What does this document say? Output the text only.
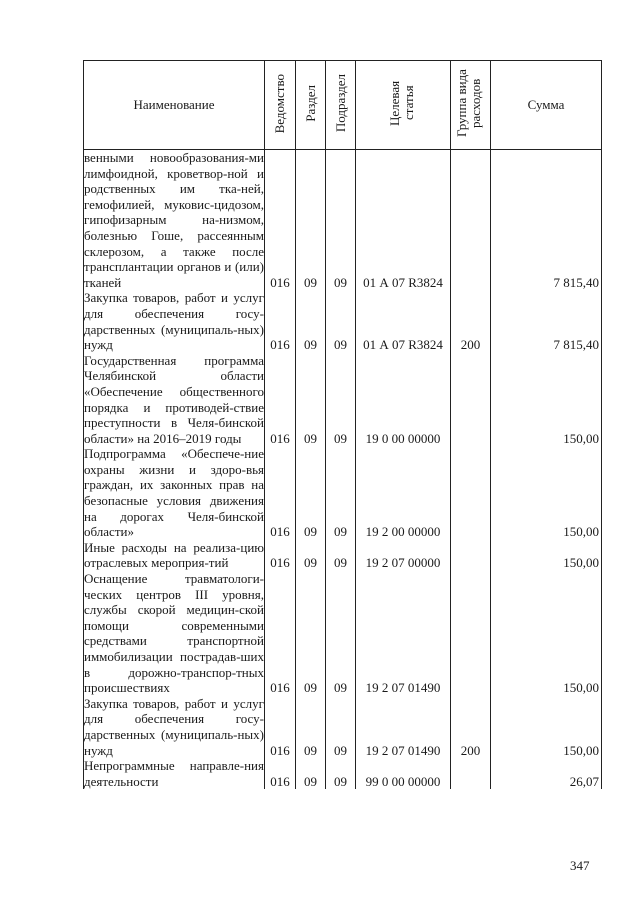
Наименование	Ведомство	Раздел	Подраздел	Целевая статья	Группа вида расходов	Сумма
венными новообразования-ми лимфоидной, кроветвор-ной и родственных им тка-ней, гемофилией, муковис-цидозом, гипофизарным на-низмом, болезнью Гоше, рассеянным склерозом, а также после трансплантации органов и (или) тканей	016	09	09	01 А 07 R3824		7 815,40
Закупка товаров, работ и услуг для обеспечения госу-дарственных (муниципаль-ных) нужд	016	09	09	01 А 07 R3824	200	7 815,40
Государственная программа Челябинской области «Обеспечение общественного порядка и противодей-ствие преступности в Челя-бинской области» на 2016–2019 годы	016	09	09	19 0 00 00000		150,00
Подпрограмма «Обеспече-ние охраны жизни и здоро-вья граждан, их законных прав на безопасные условия движения на дорогах Челя-бинской области»	016	09	09	19 2 00 00000		150,00
Иные расходы на реализа-цию отраслевых мероприя-тий	016	09	09	19 2 07 00000		150,00
Оснащение травматологи-ческих центров III уровня, службы скорой медицин-ской помощи современными средствами транспортной иммобилизации пострадав-ших в дорожно-транспор-тных происшествиях	016	09	09	19 2 07 01490		150,00
Закупка товаров, работ и услуг для обеспечения госу-дарственных (муниципаль-ных) нужд	016	09	09	19 2 07 01490	200	150,00
Непрограммные направле-ния деятельности	016	09	09	99 0 00 00000		26,07
347
